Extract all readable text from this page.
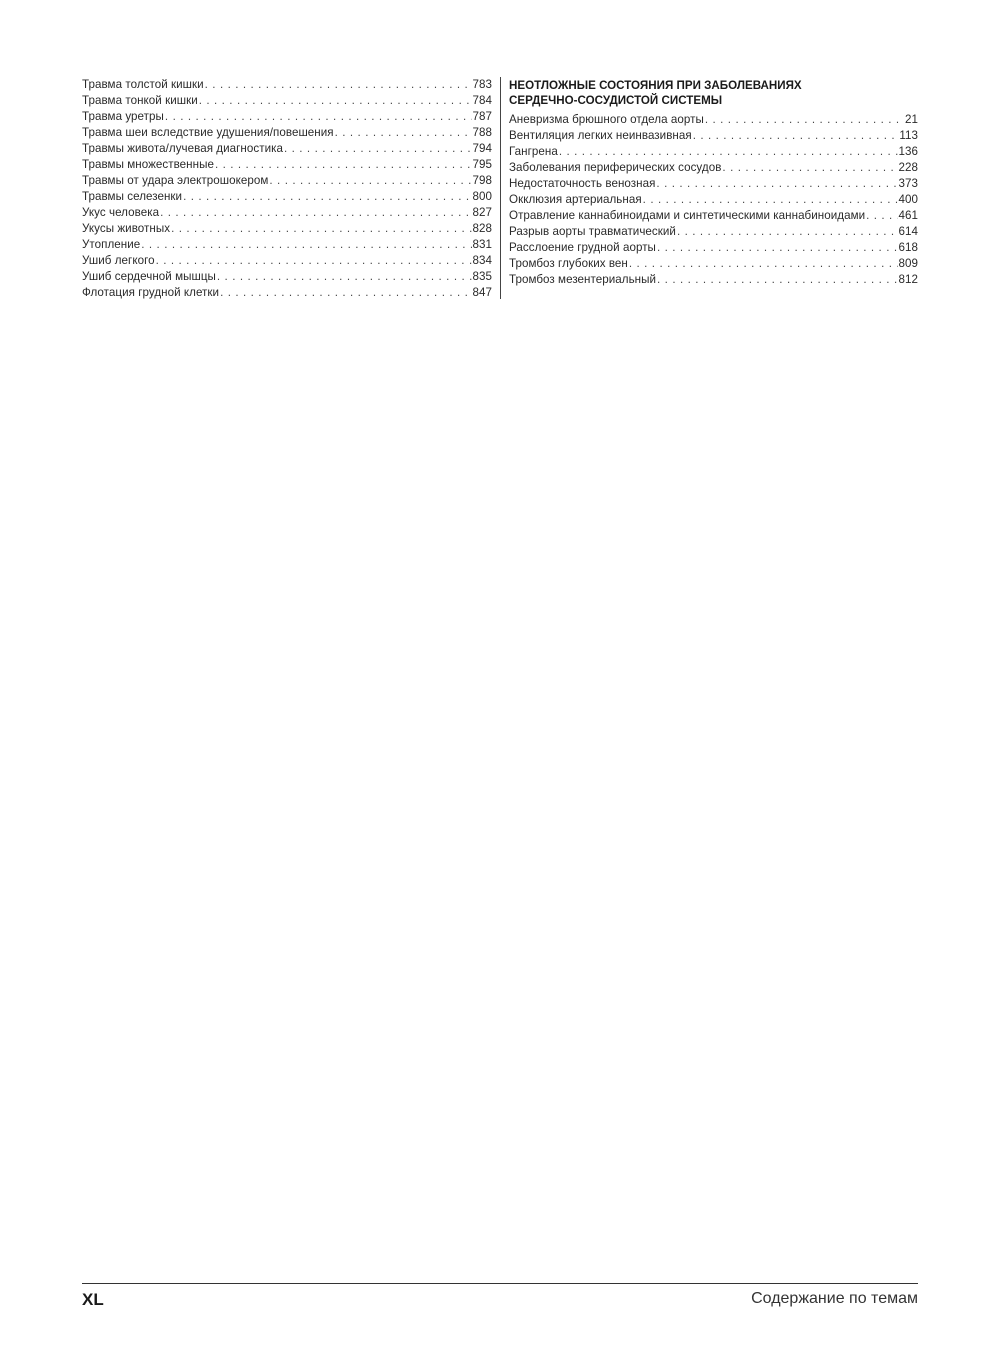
Травма толстой кишки . . .	783
Травма тонкой кишки . . .	784
Травма уретры . . .	787
Травма шеи вследствие удушения/повешения . . .	788
Травмы живота/лучевая диагностика . . .	794
Травмы множественные . . .	795
Травмы от удара электрошокером . . .	798
Травмы селезенки . . .	800
Укус человека . . .	827
Укусы животных . . .	828
Утопление . . .	831
Ушиб легкого . . .	834
Ушиб сердечной мышцы . . .	835
Флотация грудной клетки . . .	847
НЕОТЛОЖНЫЕ СОСТОЯНИЯ ПРИ ЗАБОЛЕВАНИЯХ
СЕРДЕЧНО-СОСУДИСТОЙ СИСТЕМЫ
Аневризма брюшного отдела аорты . . .	21
Вентиляция легких неинвазивная . . .	113
Гангрена . . .	136
Заболевания периферических сосудов . . .	228
Недостаточность венозная . . .	373
Окклюзия артериальная . . .	400
Отравление каннабиноидами и синтетическими каннабиноидами . . .	461
Разрыв аорты травматический . . .	614
Расслоение грудной аорты . . .	618
Тромбоз глубоких вен . . .	809
Тромбоз мезентериальный . . .	812
XL	Содержание по темам
